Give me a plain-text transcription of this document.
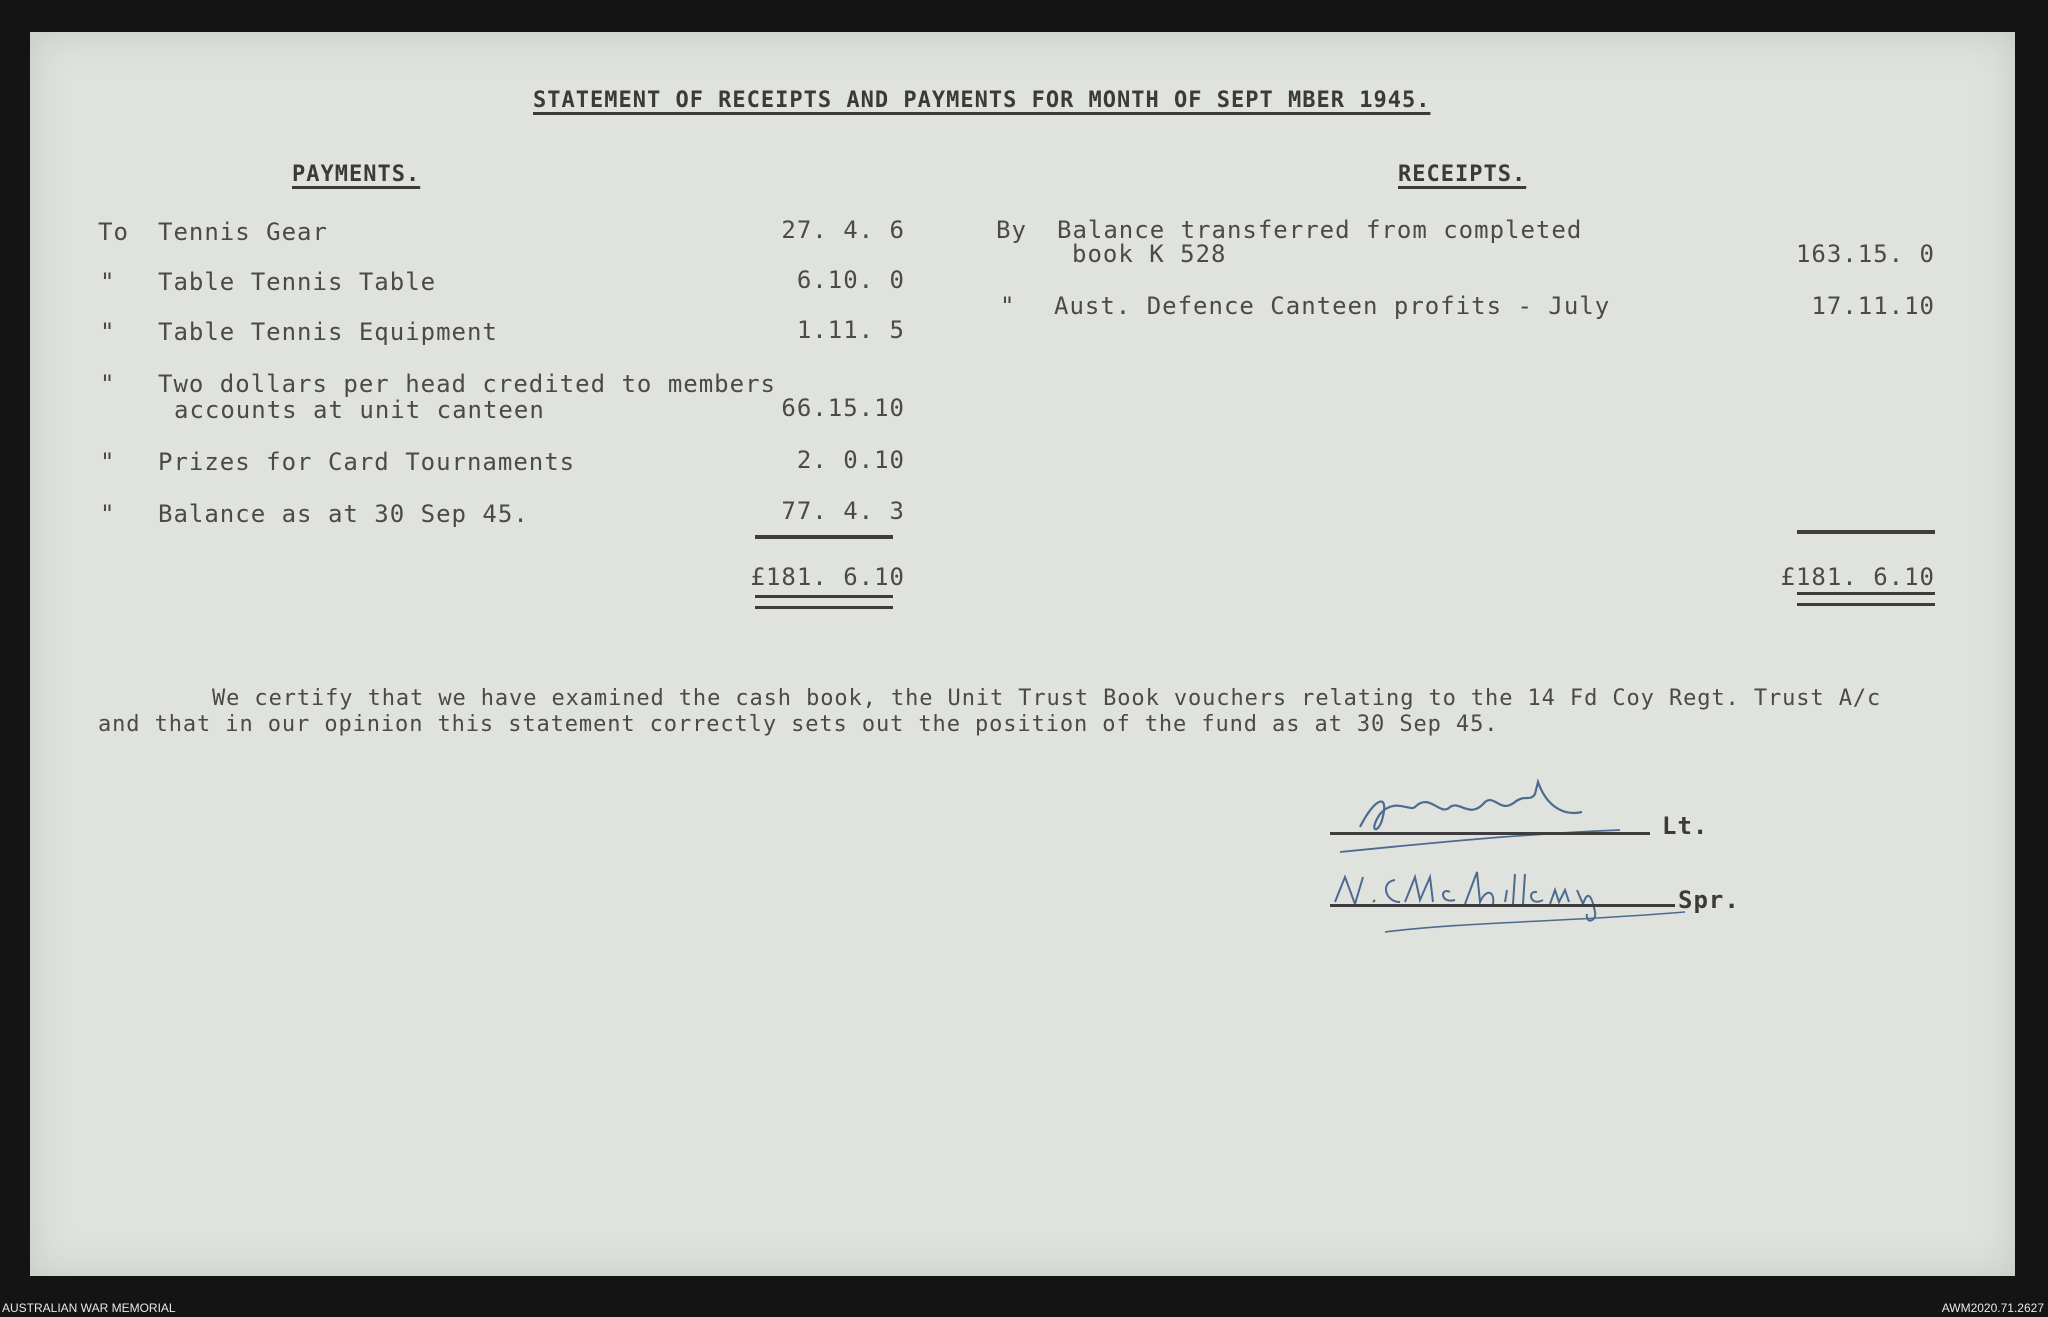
STATEMENT OF RECEIPTS AND PAYMENTS FOR MONTH OF SEPT MBER 1945.
PAYMENTS.
To Tennis Gear	27. 4. 6
" Table Tennis Table	6.10. 0
" Table Tennis Equipment	1.11. 5
" Two dollars per head credited to members
accounts at unit canteen	66.15.10
" Prizes for Card Tournaments	2. 0.10
" Balance as at 30 Sep 45.	77. 4. 3
£181. 6.10
RECEIPTS.
By Balance transferred from completed
book K 528	163.15. 0
" Aust. Defence Canteen profits - July	17.11.10
£181. 6.10
We certify that we have examined the cash book, the Unit Trust Book vouchers relating to the 14 Fd Coy Regt. Trust A/c
and that in our opinion this statement correctly sets out the position of the fund as at 30 Sep 45.
Lt.
Spr.
AUSTRALIAN WAR MEMORIAL	AWM2020.71.2627
